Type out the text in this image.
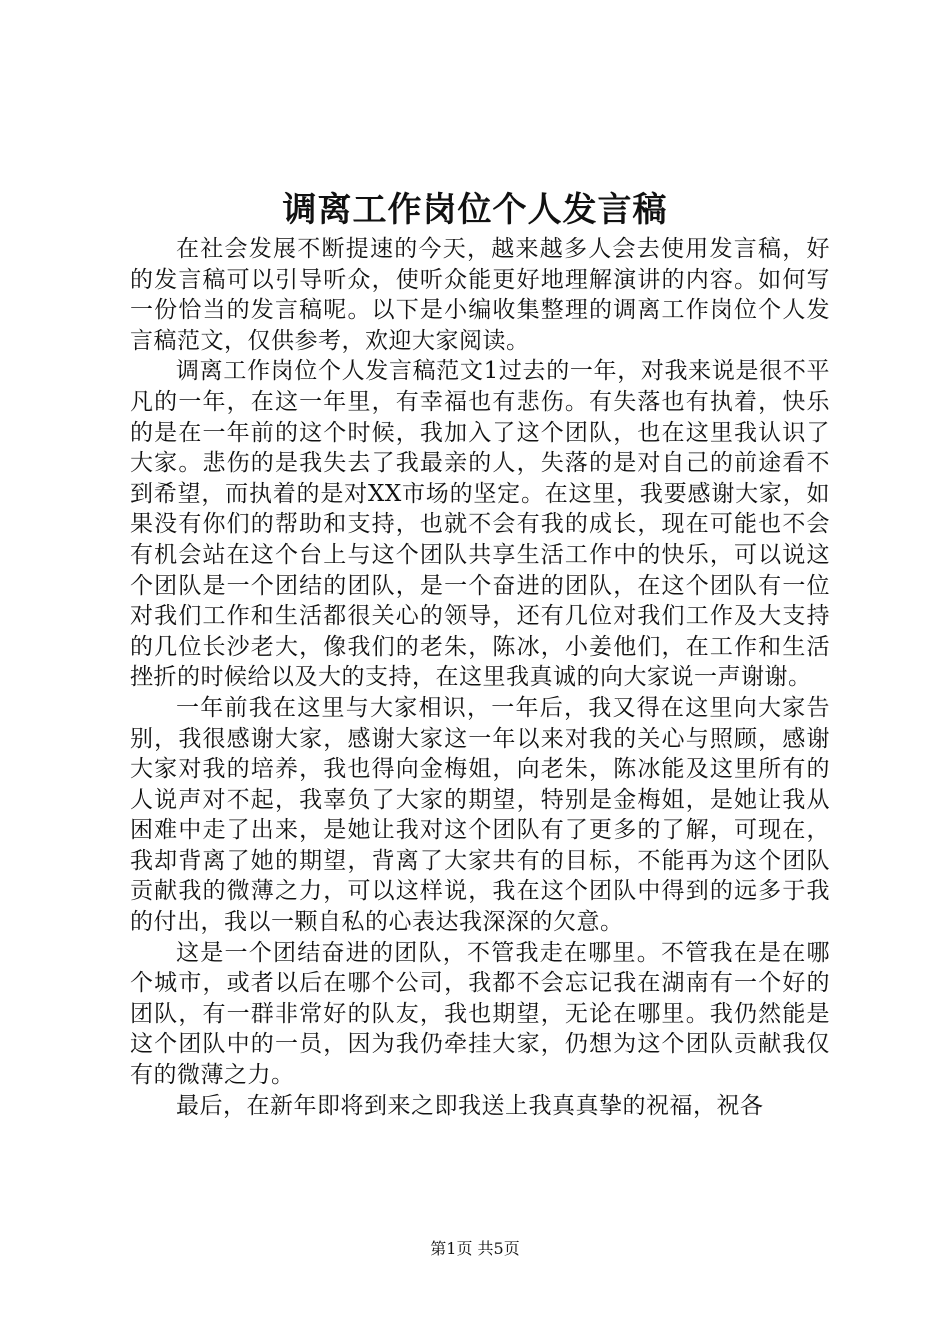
调离工作岗位个人发言稿

在社会发展不断提速的今天，越来越多人会去使用发言稿，好的发言稿可以引导听众，使听众能更好地理解演讲的内容。如何写一份恰当的发言稿呢。以下是小编收集整理的调离工作岗位个人发言稿范文，仅供参考，欢迎大家阅读。

调离工作岗位个人发言稿范文1过去的一年，对我来说是很不平凡的一年，在这一年里，有幸福也有悲伤。有失落也有执着，快乐的是在一年前的这个时候，我加入了这个团队，也在这里我认识了大家。悲伤的是我失去了我最亲的人，失落的是对自己的前途看不到希望，而执着的是对XX市场的坚定。在这里，我要感谢大家，如果没有你们的帮助和支持，也就不会有我的成长，现在可能也不会有机会站在这个台上与这个团队共享生活工作中的快乐，可以说这个团队是一个团结的团队，是一个奋进的团队，在这个团队有一位对我们工作和生活都很关心的领导，还有几位对我们工作及大支持的几位长沙老大，像我们的老朱，陈冰，小姜他们，在工作和生活挫折的时候给以及大的支持，在这里我真诚的向大家说一声谢谢。

一年前我在这里与大家相识，一年后，我又得在这里向大家告别，我很感谢大家，感谢大家这一年以来对我的关心与照顾，感谢大家对我的培养，我也得向金梅姐，向老朱，陈冰能及这里所有的人说声对不起，我辜负了大家的期望，特别是金梅姐，是她让我从困难中走了出来，是她让我对这个团队有了更多的了解，可现在，我却背离了她的期望，背离了大家共有的目标，不能再为这个团队贡献我的微薄之力，可以这样说，我在这个团队中得到的远多于我的付出，我以一颗自私的心表达我深深的欠意。

这是一个团结奋进的团队，不管我走在哪里。不管我在是在哪个城市，或者以后在哪个公司，我都不会忘记我在湖南有一个好的团队，有一群非常好的队友，我也期望，无论在哪里。我仍然能是这个团队中的一员，因为我仍牵挂大家，仍想为这个团队贡献我仅有的微薄之力。

最后，在新年即将到来之即我送上我真真挚的祝福，祝各

第1页 共5页
